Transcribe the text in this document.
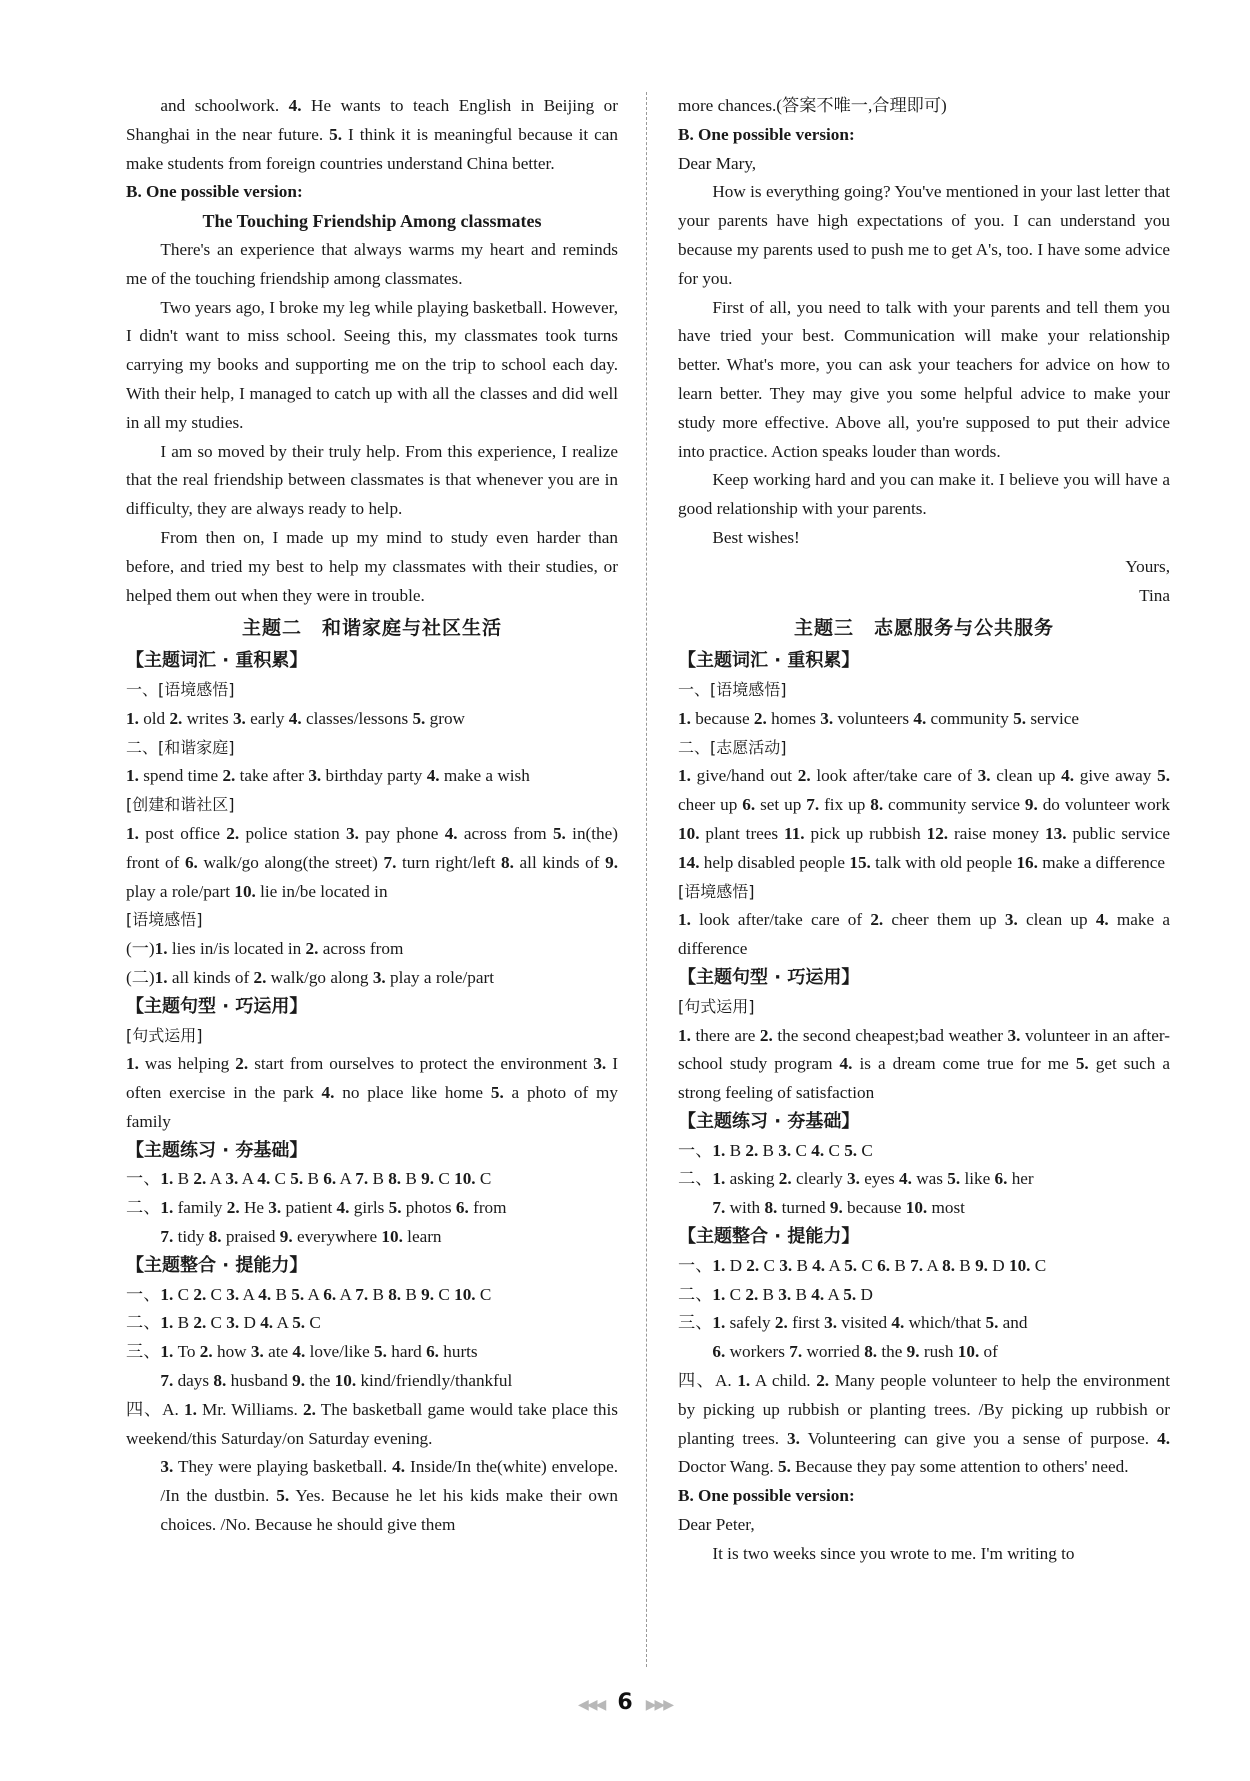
and schoolwork. 4. He wants to teach English in Beijing or Shanghai in the near future. 5. I think it is meaningful because it can make students from foreign countries understand China better.

B. One possible version:

The Touching Friendship Among classmates

There's an experience that always warms my heart and reminds me of the touching friendship among classmates.

Two years ago, I broke my leg while playing basketball. However, I didn't want to miss school. Seeing this, my classmates took turns carrying my books and supporting me on the trip to school each day. With their help, I managed to catch up with all the classes and did well in all my studies.

I am so moved by their truly help. From this experience, I realize that the real friendship between classmates is that whenever you are in difficulty, they are always ready to help.

From then on, I made up my mind to study even harder than before, and tried my best to help my classmates with their studies, or helped them out when they were in trouble.

主题二　和谐家庭与社区生活

【主题词汇 · 重积累】

一、[语境感悟]

1. old 2. writes 3. early 4. classes/lessons 5. grow

二、[和谐家庭]

1. spend time 2. take after 3. birthday party 4. make a wish

[创建和谐社区]

1. post office 2. police station 3. pay phone 4. across from 5. in(the) front of 6. walk/go along(the street) 7. turn right/left 8. all kinds of 9. play a role/part 10. lie in/be located in

[语境感悟]

(一)1. lies in/is located in 2. across from

(二)1. all kinds of 2. walk/go along 3. play a role/part

【主题句型 · 巧运用】

[句式运用]

1. was helping 2. start from ourselves to protect the environment 3. I often exercise in the park 4. no place like home 5. a photo of my family

【主题练习 · 夯基础】

一、1. B 2. A 3. A 4. C 5. B 6. A 7. B 8. B 9. C 10. C

二、1. family 2. He 3. patient 4. girls 5. photos 6. from

7. tidy 8. praised 9. everywhere 10. learn

【主题整合 · 提能力】

一、1. C 2. C 3. A 4. B 5. A 6. A 7. B 8. B 9. C 10. C

二、1. B 2. C 3. D 4. A 5. C

三、1. To 2. how 3. ate 4. love/like 5. hard 6. hurts

7. days 8. husband 9. the 10. kind/friendly/thankful

四、A. 1. Mr. Williams. 2. The basketball game would take place this weekend/this Saturday/on Saturday evening.

3. They were playing basketball. 4. Inside/In the(white) envelope. /In the dustbin. 5. Yes. Because he let his kids make their own choices. /No. Because he should give them

more chances.(答案不唯一,合理即可)

B. One possible version:

Dear Mary,

How is everything going? You've mentioned in your last letter that your parents have high expectations of you. I can understand you because my parents used to push me to get A's, too. I have some advice for you.

First of all, you need to talk with your parents and tell them you have tried your best. Communication will make your relationship better. What's more, you can ask your teachers for advice on how to learn better. They may give you some helpful advice to make your study more effective. Above all, you're supposed to put their advice into practice. Action speaks louder than words.

Keep working hard and you can make it. I believe you will have a good relationship with your parents.

Best wishes!

Yours,

Tina

主题三　志愿服务与公共服务

【主题词汇 · 重积累】

一、[语境感悟]

1. because 2. homes 3. volunteers 4. community 5. service

二、[志愿活动]

1. give/hand out 2. look after/take care of 3. clean up 4. give away 5. cheer up 6. set up 7. fix up 8. community service 9. do volunteer work 10. plant trees 11. pick up rubbish 12. raise money 13. public service 14. help disabled people 15. talk with old people 16. make a difference

[语境感悟]

1. look after/take care of 2. cheer them up 3. clean up 4. make a difference

【主题句型 · 巧运用】

[句式运用]

1. there are 2. the second cheapest;bad weather 3. volunteer in an after-school study program 4. is a dream come true for me 5. get such a strong feeling of satisfaction

【主题练习 · 夯基础】

一、1. B 2. B 3. C 4. C 5. C

二、1. asking 2. clearly 3. eyes 4. was 5. like 6. her

7. with 8. turned 9. because 10. most

【主题整合 · 提能力】

一、1. D 2. C 3. B 4. A 5. C 6. B 7. A 8. B 9. D 10. C

二、1. C 2. B 3. B 4. A 5. D

三、1. safely 2. first 3. visited 4. which/that 5. and

6. workers 7. worried 8. the 9. rush 10. of

四、A. 1. A child. 2. Many people volunteer to help the environment by picking up rubbish or planting trees. /By picking up rubbish or planting trees. 3. Volunteering can give you a sense of purpose. 4. Doctor Wang. 5. Because they pay some attention to others' need.

B. One possible version:

Dear Peter,

It is two weeks since you wrote to me. I'm writing to

◀◀◀ 6 ▶▶▶
